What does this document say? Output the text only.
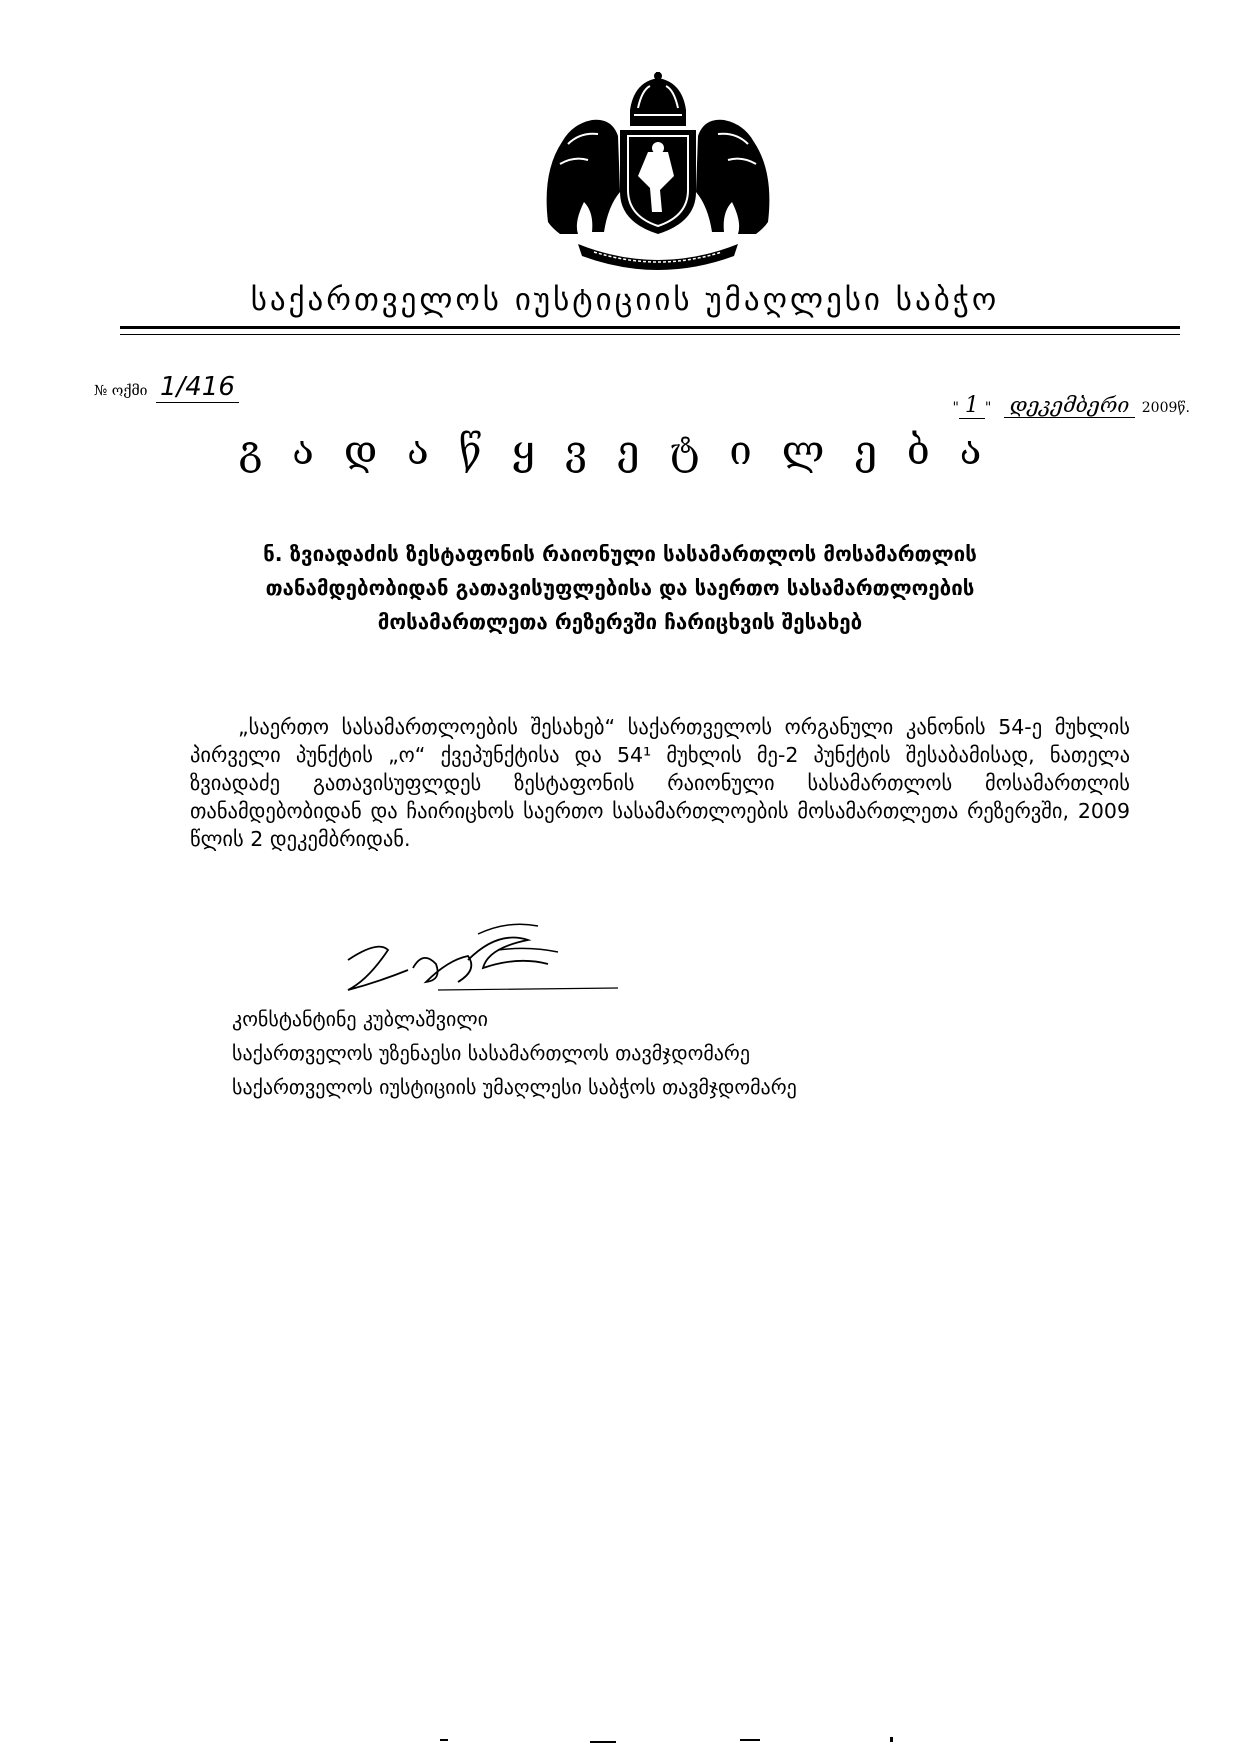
საქართველოს იუსტიციის უმაღლესი საბჭო
№ ოქმი 1/416
" 1 " დეკემბერი 2009წ.
გადაწყვეტილება
ნ. ზვიადაძის ზესტაფონის რაიონული სასამართლოს მოსამართლის თანამდებობიდან გათავისუფლებისა და საერთო სასამართლოების მოსამართლეთა რეზერვში ჩარიცხვის შესახებ

„საერთო სასამართლოების შესახებ“ საქართველოს ორგანული კანონის 54-ე მუხლის პირველი პუნქტის „ო“ ქვეპუნქტისა და 54¹ მუხლის მე-2 პუნქტის შესაბამისად, ნათელა ზვიადაძე გათავისუფლდეს ზესტაფონის რაიონული სასამართლოს მოსამართლის თანამდებობიდან და ჩაირიცხოს საერთო სასამართლოების მოსამართლეთა რეზერვში, 2009 წლის 2 დეკემბრიდან.

კონსტანტინე კუბლაშვილი
საქართველოს უზენაესი სასამართლოს თავმჯდომარე
საქართველოს იუსტიციის უმაღლესი საბჭოს თავმჯდომარე
